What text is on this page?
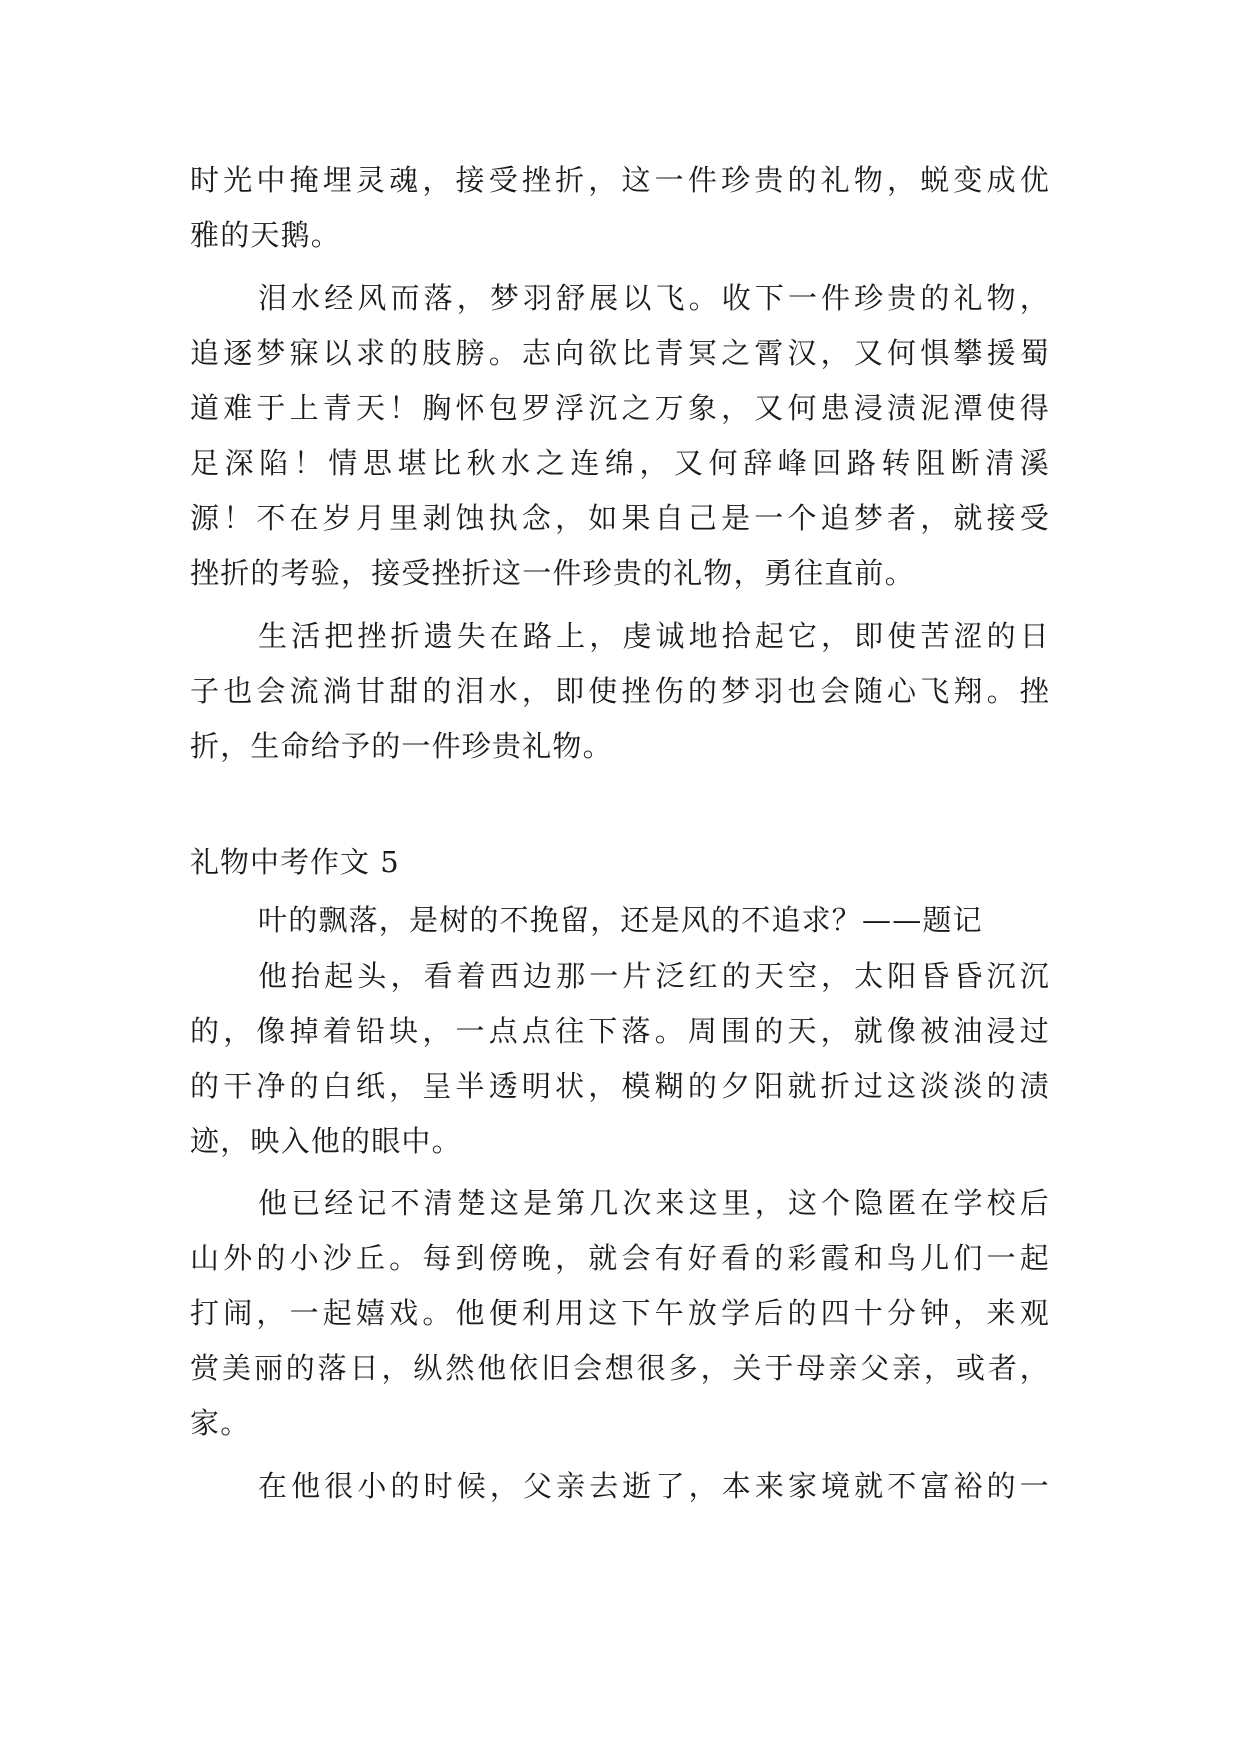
时光中掩埋灵魂，接受挫折，这一件珍贵的礼物，蜕变成优
雅的天鹅。
泪水经风而落，梦羽舒展以飞。收下一件珍贵的礼物，
追逐梦寐以求的肢膀。志向欲比青冥之霄汉，又何惧攀援蜀
道难于上青天！胸怀包罗浮沉之万象，又何患浸渍泥潭使得
足深陷！情思堪比秋水之连绵，又何辞峰回路转阻断清溪
源！不在岁月里剥蚀执念，如果自己是一个追梦者，就接受
挫折的考验，接受挫折这一件珍贵的礼物，勇往直前。
生活把挫折遗失在路上，虔诚地拾起它，即使苦涩的日
子也会流淌甘甜的泪水，即使挫伤的梦羽也会随心飞翔。挫
折，生命给予的一件珍贵礼物。
礼物中考作文 5
叶的飘落，是树的不挽留，还是风的不追求？——题记
他抬起头，看着西边那一片泛红的天空，太阳昏昏沉沉
的，像掉着铅块，一点点往下落。周围的天，就像被油浸过
的干净的白纸，呈半透明状，模糊的夕阳就折过这淡淡的渍
迹，映入他的眼中。
他已经记不清楚这是第几次来这里，这个隐匿在学校后
山外的小沙丘。每到傍晚，就会有好看的彩霞和鸟儿们一起
打闹，一起嬉戏。他便利用这下午放学后的四十分钟，来观
赏美丽的落日，纵然他依旧会想很多，关于母亲父亲，或者，
家。
在他很小的时候，父亲去逝了，本来家境就不富裕的一
